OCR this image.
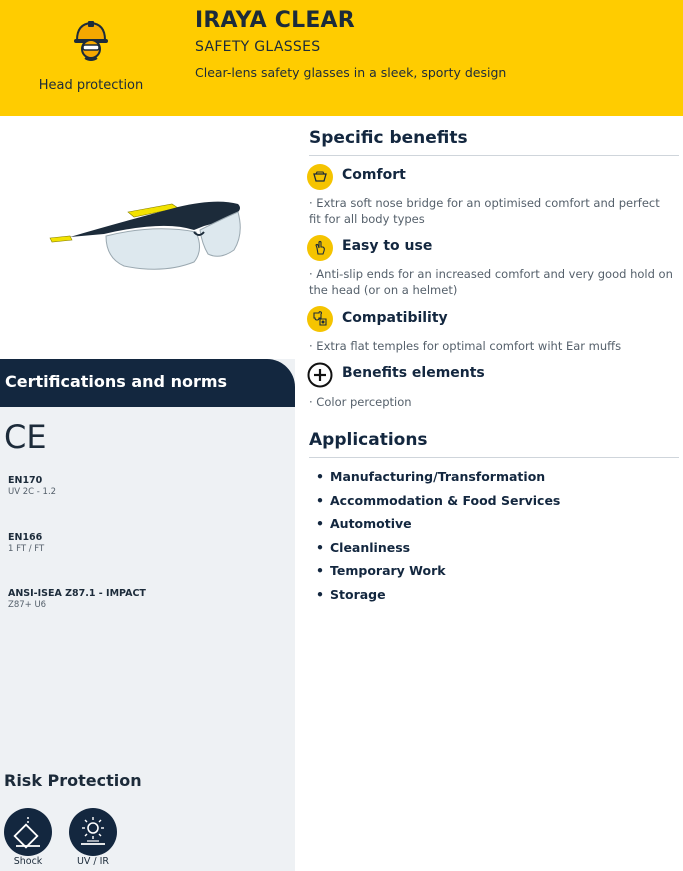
Head protection
IRAYA CLEAR
SAFETY GLASSES
Clear-lens safety glasses in a sleek, sporty design
Certifications and norms
CE
EN170
UV 2C - 1.2
EN166
1 FT / FT
ANSI-ISEA Z87.1 - IMPACT
Z87+ U6
Risk Protection
Shock	UV / IR
Specific benefits
Comfort
· Extra soft nose bridge for an optimised comfort and perfect fit for all body types
Easy to use
· Anti-slip ends for an increased comfort and very good hold on the head (or on a helmet)
Compatibility
· Extra flat temples for optimal comfort wiht Ear muffs
Benefits elements
· Color perception
Applications
• Manufacturing/Transformation
• Accommodation & Food Services
• Automotive
• Cleanliness
• Temporary Work
• Storage
